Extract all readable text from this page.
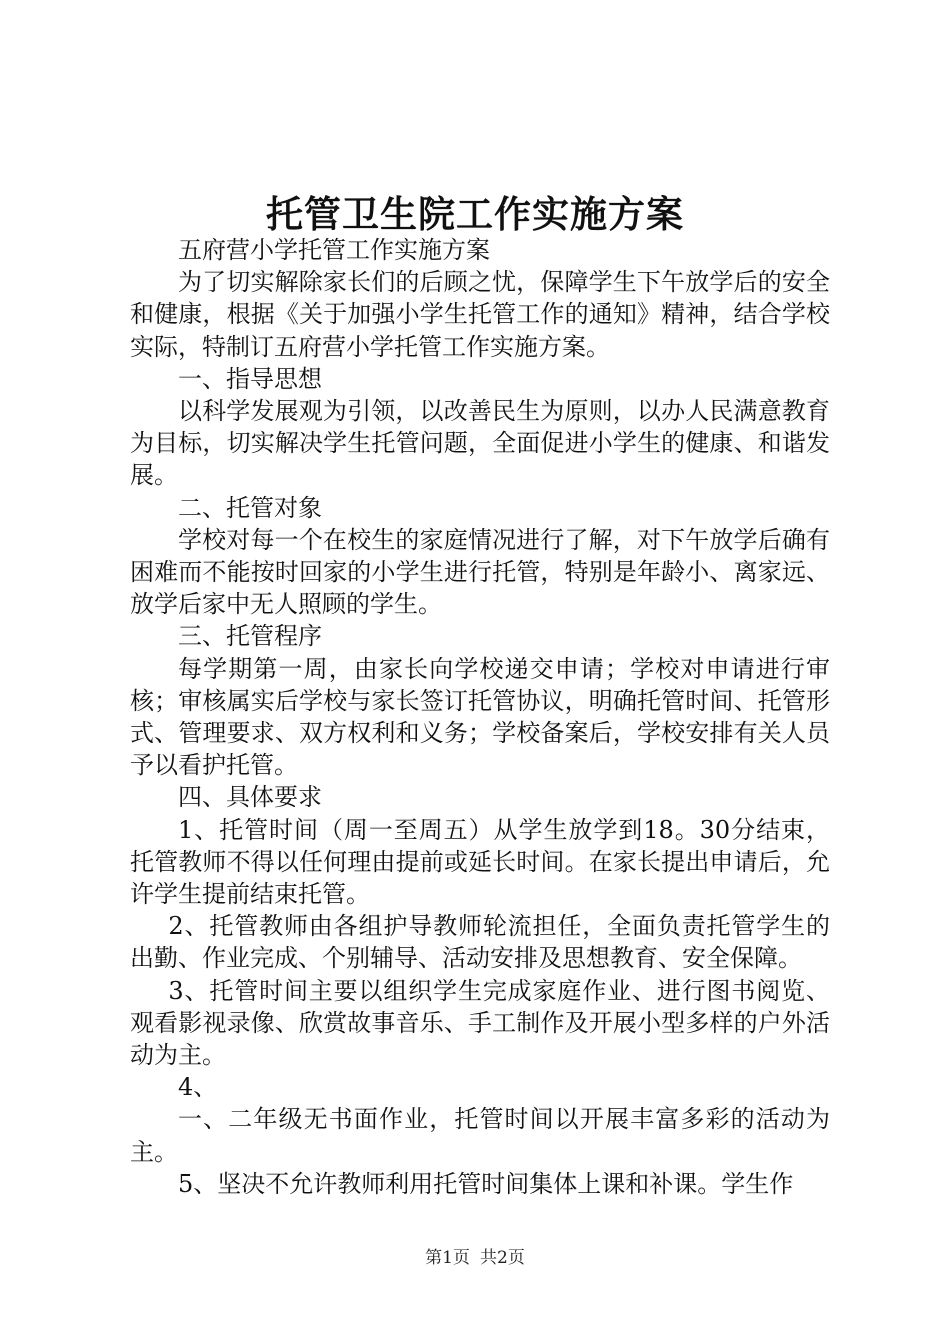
托管卫生院工作实施方案

五府营小学托管工作实施方案

为了切实解除家长们的后顾之忧，保障学生下午放学后的安全和健康，根据《关于加强小学生托管工作的通知》精神，结合学校实际，特制订五府营小学托管工作实施方案。

一、指导思想

以科学发展观为引领，以改善民生为原则，以办人民满意教育为目标，切实解决学生托管问题，全面促进小学生的健康、和谐发展。

二、托管对象

学校对每一个在校生的家庭情况进行了解，对下午放学后确有困难而不能按时回家的小学生进行托管，特别是年龄小、离家远、放学后家中无人照顾的学生。

三、托管程序

每学期第一周，由家长向学校递交申请；学校对申请进行审核；审核属实后学校与家长签订托管协议，明确托管时间、托管形式、管理要求、双方权利和义务；学校备案后，学校安排有关人员予以看护托管。

四、具体要求

1、托管时间（周一至周五）从学生放学到18。30分结束，托管教师不得以任何理由提前或延长时间。在家长提出申请后，允许学生提前结束托管。

2、托管教师由各组护导教师轮流担任，全面负责托管学生的出勤、作业完成、个别辅导、活动安排及思想教育、安全保障。

3、托管时间主要以组织学生完成家庭作业、进行图书阅览、观看影视录像、欣赏故事音乐、手工制作及开展小型多样的户外活动为主。

4、

一、二年级无书面作业，托管时间以开展丰富多彩的活动为主。

5、坚决不允许教师利用托管时间集体上课和补课。学生作

第1页 共2页
